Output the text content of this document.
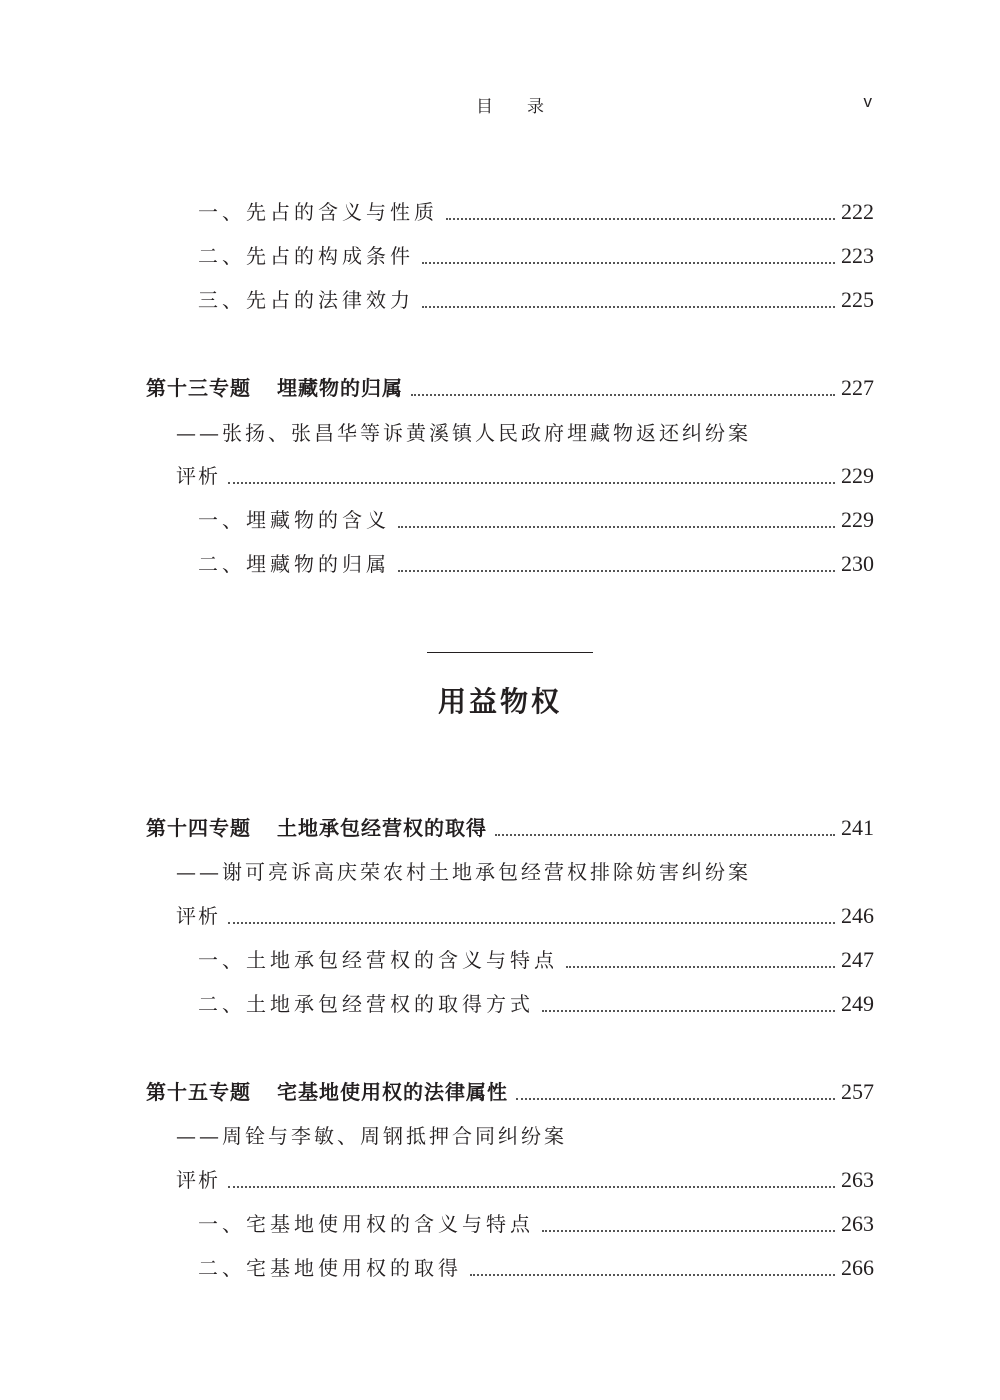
目录	v
一、先占的含义与性质	222
二、先占的构成条件	223
三、先占的法律效力	225
第十三专题 埋藏物的归属	227
——张扬、张昌华等诉黄溪镇人民政府埋藏物返还纠纷案
评析	229
一、埋藏物的含义	229
二、埋藏物的归属	230
用益物权
第十四专题 土地承包经营权的取得	241
——谢可亮诉高庆荣农村土地承包经营权排除妨害纠纷案
评析	246
一、土地承包经营权的含义与特点	247
二、土地承包经营权的取得方式	249
第十五专题 宅基地使用权的法律属性	257
——周铨与李敏、周钢抵押合同纠纷案
评析	263
一、宅基地使用权的含义与特点	263
二、宅基地使用权的取得	266
